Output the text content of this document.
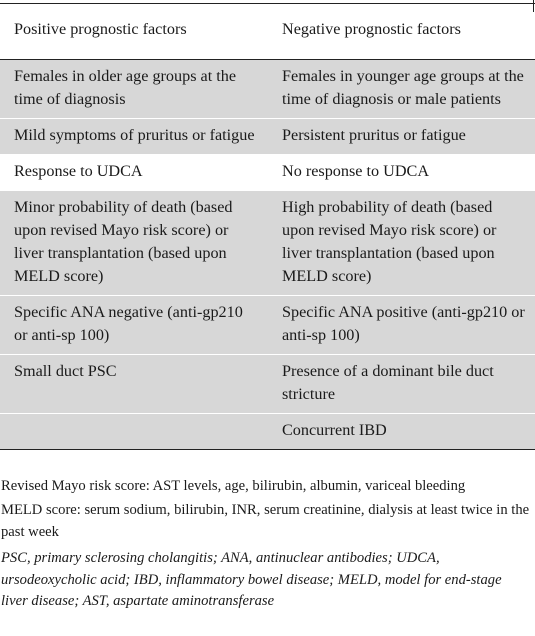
Positive prognostic factors	Negative prognostic factors

Females in older age groups at the time of diagnosis	Females in younger age groups at the time of diagnosis or male patients

Mild symptoms of pruritus or fatigue	Persistent pruritus or fatigue

Response to UDCA	No response to UDCA

Minor probability of death (based upon revised Mayo risk score) or liver transplantation (based upon MELD score)	High probability of death (based upon revised Mayo risk score) or liver transplantation (based upon MELD score)

Specific ANA negative (anti-gp210 or anti-sp 100)	Specific ANA positive (anti-gp210 or anti-sp 100)

Small duct PSC	Presence of a dominant bile duct stricture

	Concurrent IBD
Revised Mayo risk score: AST levels, age, bilirubin, albumin, variceal bleeding
MELD score: serum sodium, bilirubin, INR, serum creatinine, dialysis at least twice in the past week
PSC, primary sclerosing cholangitis; ANA, antinuclear antibodies; UDCA, ursodeoxycholic acid; IBD, inflammatory bowel disease; MELD, model for end-stage liver disease; AST, aspartate aminotransferase
